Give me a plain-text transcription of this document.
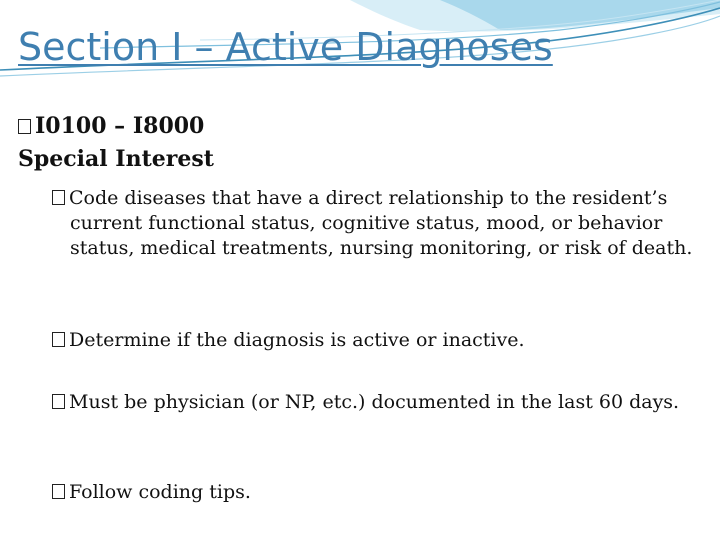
Section I – Active Diagnoses
I0100 – I8000
Special Interest
Code diseases that have a direct relationship to the resident’s current functional status, cognitive status, mood, or behavior status, medical treatments, nursing monitoring, or risk of death.
Determine if the diagnosis is active or inactive.
Must be physician (or NP, etc.) documented in the last 60 days.
Follow coding tips.
